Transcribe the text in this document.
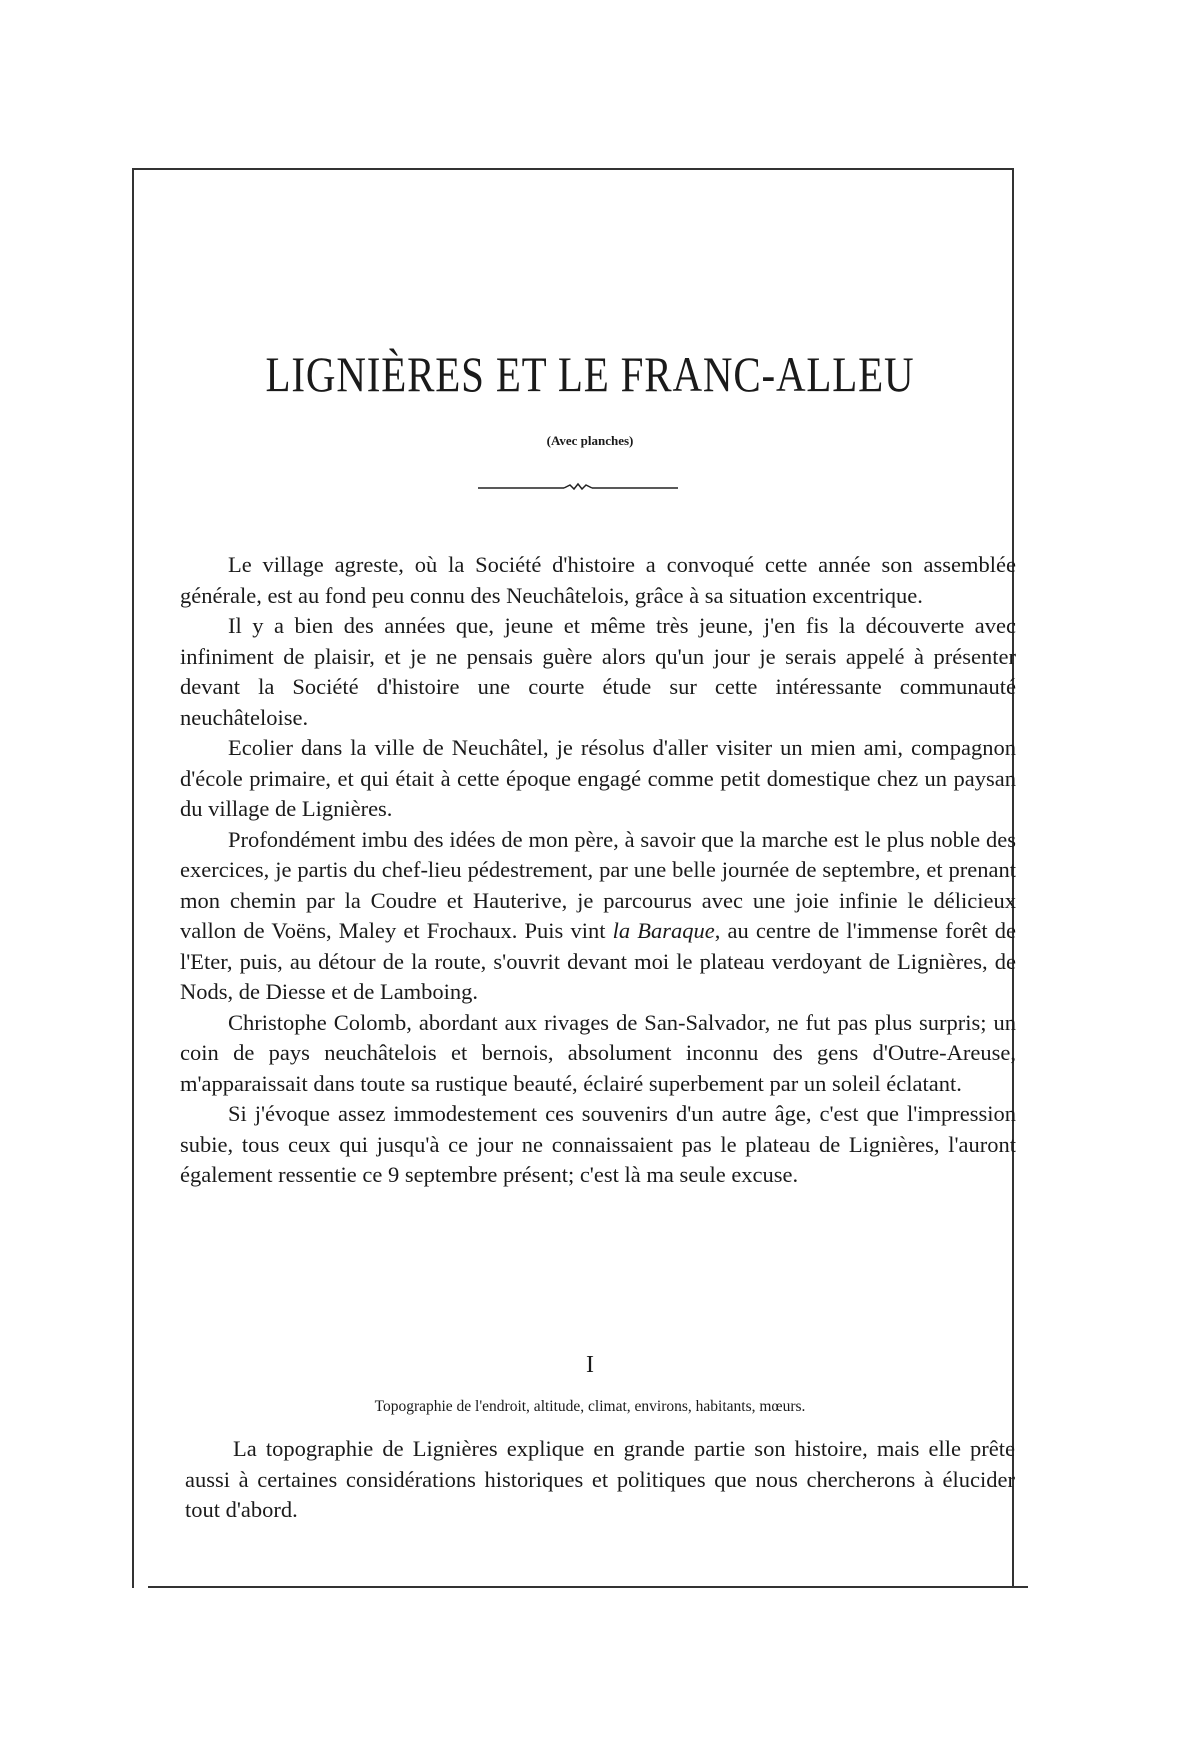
LIGNIÈRES ET LE FRANC-ALLEU
(Avec planches)

Le village agreste, où la Société d'histoire a convoqué cette année son assemblée générale, est au fond peu connu des Neuchâtelois, grâce à sa situation excentrique.

Il y a bien des années que, jeune et même très jeune, j'en fis la découverte avec infiniment de plaisir, et je ne pensais guère alors qu'un jour je serais appelé à présenter devant la Société d'histoire une courte étude sur cette intéressante communauté neuchâteloise.

Ecolier dans la ville de Neuchâtel, je résolus d'aller visiter un mien ami, compagnon d'école primaire, et qui était à cette époque engagé comme petit domestique chez un paysan du village de Lignières.

Profondément imbu des idées de mon père, à savoir que la marche est le plus noble des exercices, je partis du chef-lieu pédestrement, par une belle journée de septembre, et prenant mon chemin par la Coudre et Hauterive, je parcourus avec une joie infinie le délicieux vallon de Voëns, Maley et Frochaux. Puis vint la Baraque, au centre de l'immense forêt de l'Eter, puis, au détour de la route, s'ouvrit devant moi le plateau verdoyant de Lignières, de Nods, de Diesse et de Lamboing.

Christophe Colomb, abordant aux rivages de San-Salvador, ne fut pas plus surpris; un coin de pays neuchâtelois et bernois, absolument inconnu des gens d'Outre-Areuse, m'apparaissait dans toute sa rustique beauté, éclairé superbement par un soleil éclatant.

Si j'évoque assez immodestement ces souvenirs d'un autre âge, c'est que l'impression subie, tous ceux qui jusqu'à ce jour ne connaissaient pas le plateau de Lignières, l'auront également ressentie ce 9 septembre présent; c'est là ma seule excuse.

I
Topographie de l'endroit, altitude, climat, environs, habitants, mœurs.

La topographie de Lignières explique en grande partie son histoire, mais elle prête aussi à certaines considérations historiques et politiques que nous chercherons à élucider tout d'abord.
